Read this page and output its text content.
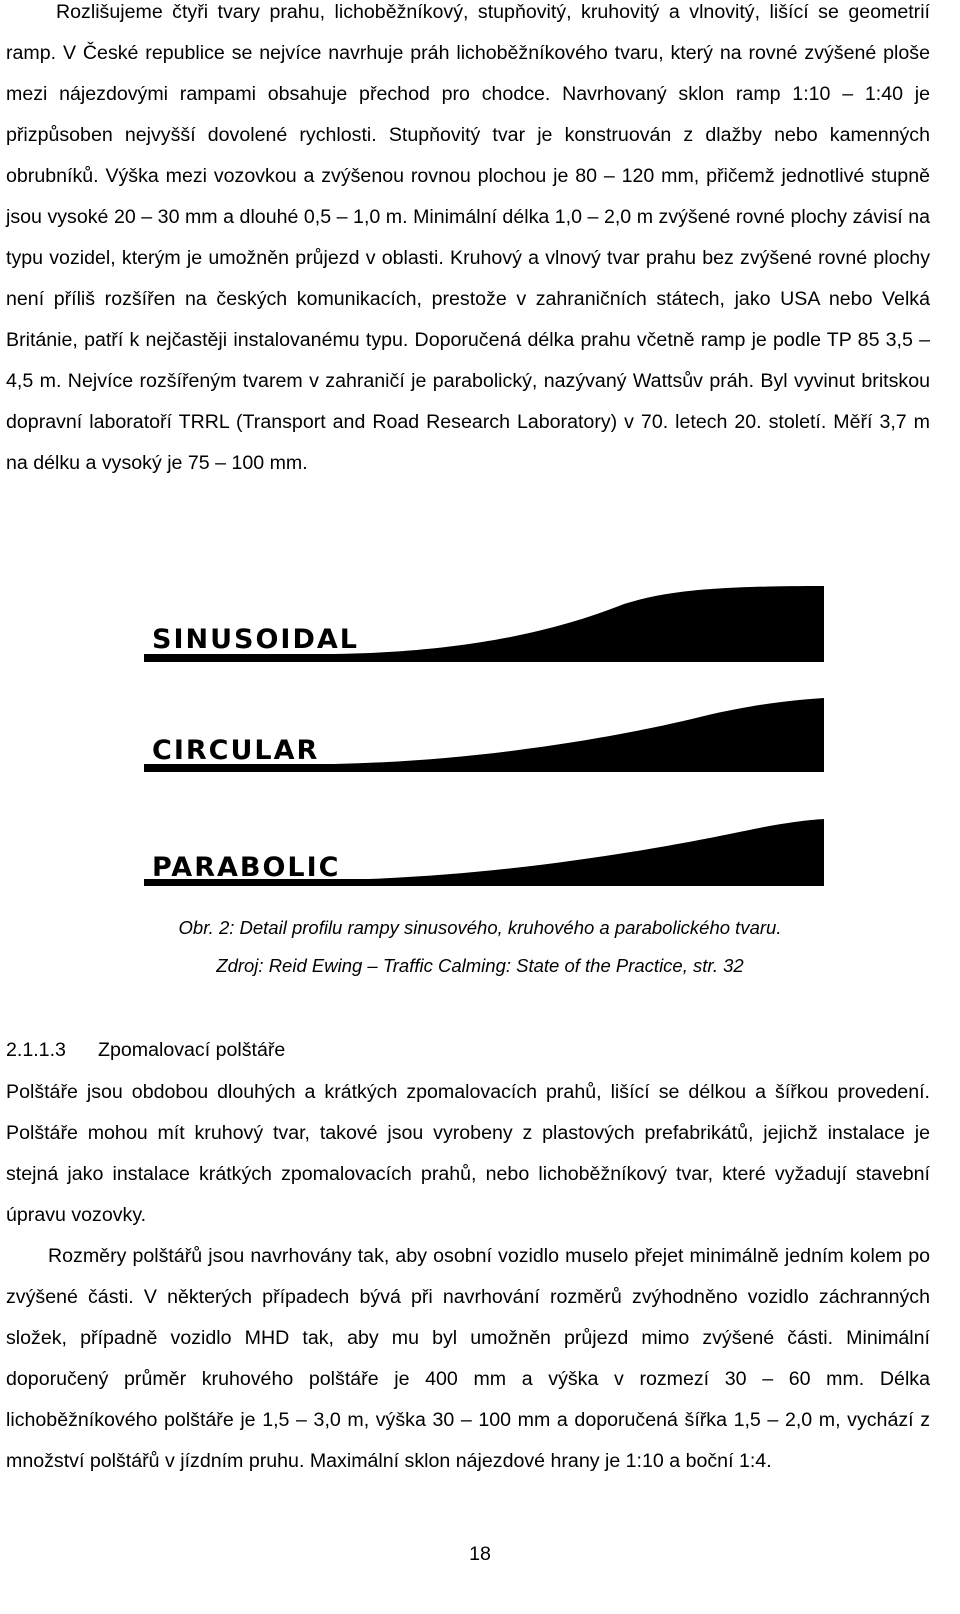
Rozlišujeme čtyři tvary prahu, lichoběžníkový, stupňovitý, kruhovitý a vlnovitý, lišící se geometrií ramp. V České republice se nejvíce navrhuje práh lichoběžníkového tvaru, který na rovné zvýšené ploše mezi nájezdovými rampami obsahuje přechod pro chodce. Navrhovaný sklon ramp 1:10 – 1:40 je přizpůsoben nejvyšší dovolené rychlosti. Stupňovitý tvar je konstruován z dlažby nebo kamenných obrubníků. Výška mezi vozovkou a zvýšenou rovnou plochou je 80 – 120 mm, přičemž jednotlivé stupně jsou vysoké 20 – 30 mm a dlouhé 0,5 – 1,0 m. Minimální délka 1,0 – 2,0 m zvýšené rovné plochy závisí na typu vozidel, kterým je umožněn průjezd v oblasti. Kruhový a vlnový tvar prahu bez zvýšené rovné plochy není příliš rozšířen na českých komunikacích, prestože v zahraničních státech, jako USA nebo Velká Británie, patří k nejčastěji instalovanému typu. Doporučená délka prahu včetně ramp je podle TP 85 3,5 – 4,5 m. Nejvíce rozšířeným tvarem v zahraničí je parabolický, nazývaný Wattsův práh. Byl vyvinut britskou dopravní laboratoří TRRL (Transport and Road Research Laboratory) v 70. letech 20. století. Měří 3,7 m na délku a vysoký je 75 – 100 mm.

SINUSOIDAL
CIRCULAR
PARABOLIC

Obr. 2: Detail profilu rampy sinusového, kruhového a parabolického tvaru.

Zdroj: Reid Ewing – Traffic Calming: State of the Practice, str. 32

2.1.1.3 Zpomalovací polštáře

Polštáře jsou obdobou dlouhých a krátkých zpomalovacích prahů, lišící se délkou a šířkou provedení. Polštáře mohou mít kruhový tvar, takové jsou vyrobeny z plastových prefabrikátů, jejichž instalace je stejná jako instalace krátkých zpomalovacích prahů, nebo lichoběžníkový tvar, které vyžadují stavební úpravu vozovky.

Rozměry polštářů jsou navrhovány tak, aby osobní vozidlo muselo přejet minimálně jedním kolem po zvýšené části. V některých případech bývá při navrhování rozměrů zvýhodněno vozidlo záchranných složek, případně vozidlo MHD tak, aby mu byl umožněn průjezd mimo zvýšené části. Minimální doporučený průměr kruhového polštáře je 400 mm a výška v rozmezí 30 – 60 mm. Délka lichoběžníkového polštáře je 1,5 – 3,0 m, výška 30 – 100 mm a doporučená šířka 1,5 – 2,0 m, vychází z množství polštářů v jízdním pruhu. Maximální sklon nájezdové hrany je 1:10 a boční 1:4.

18
